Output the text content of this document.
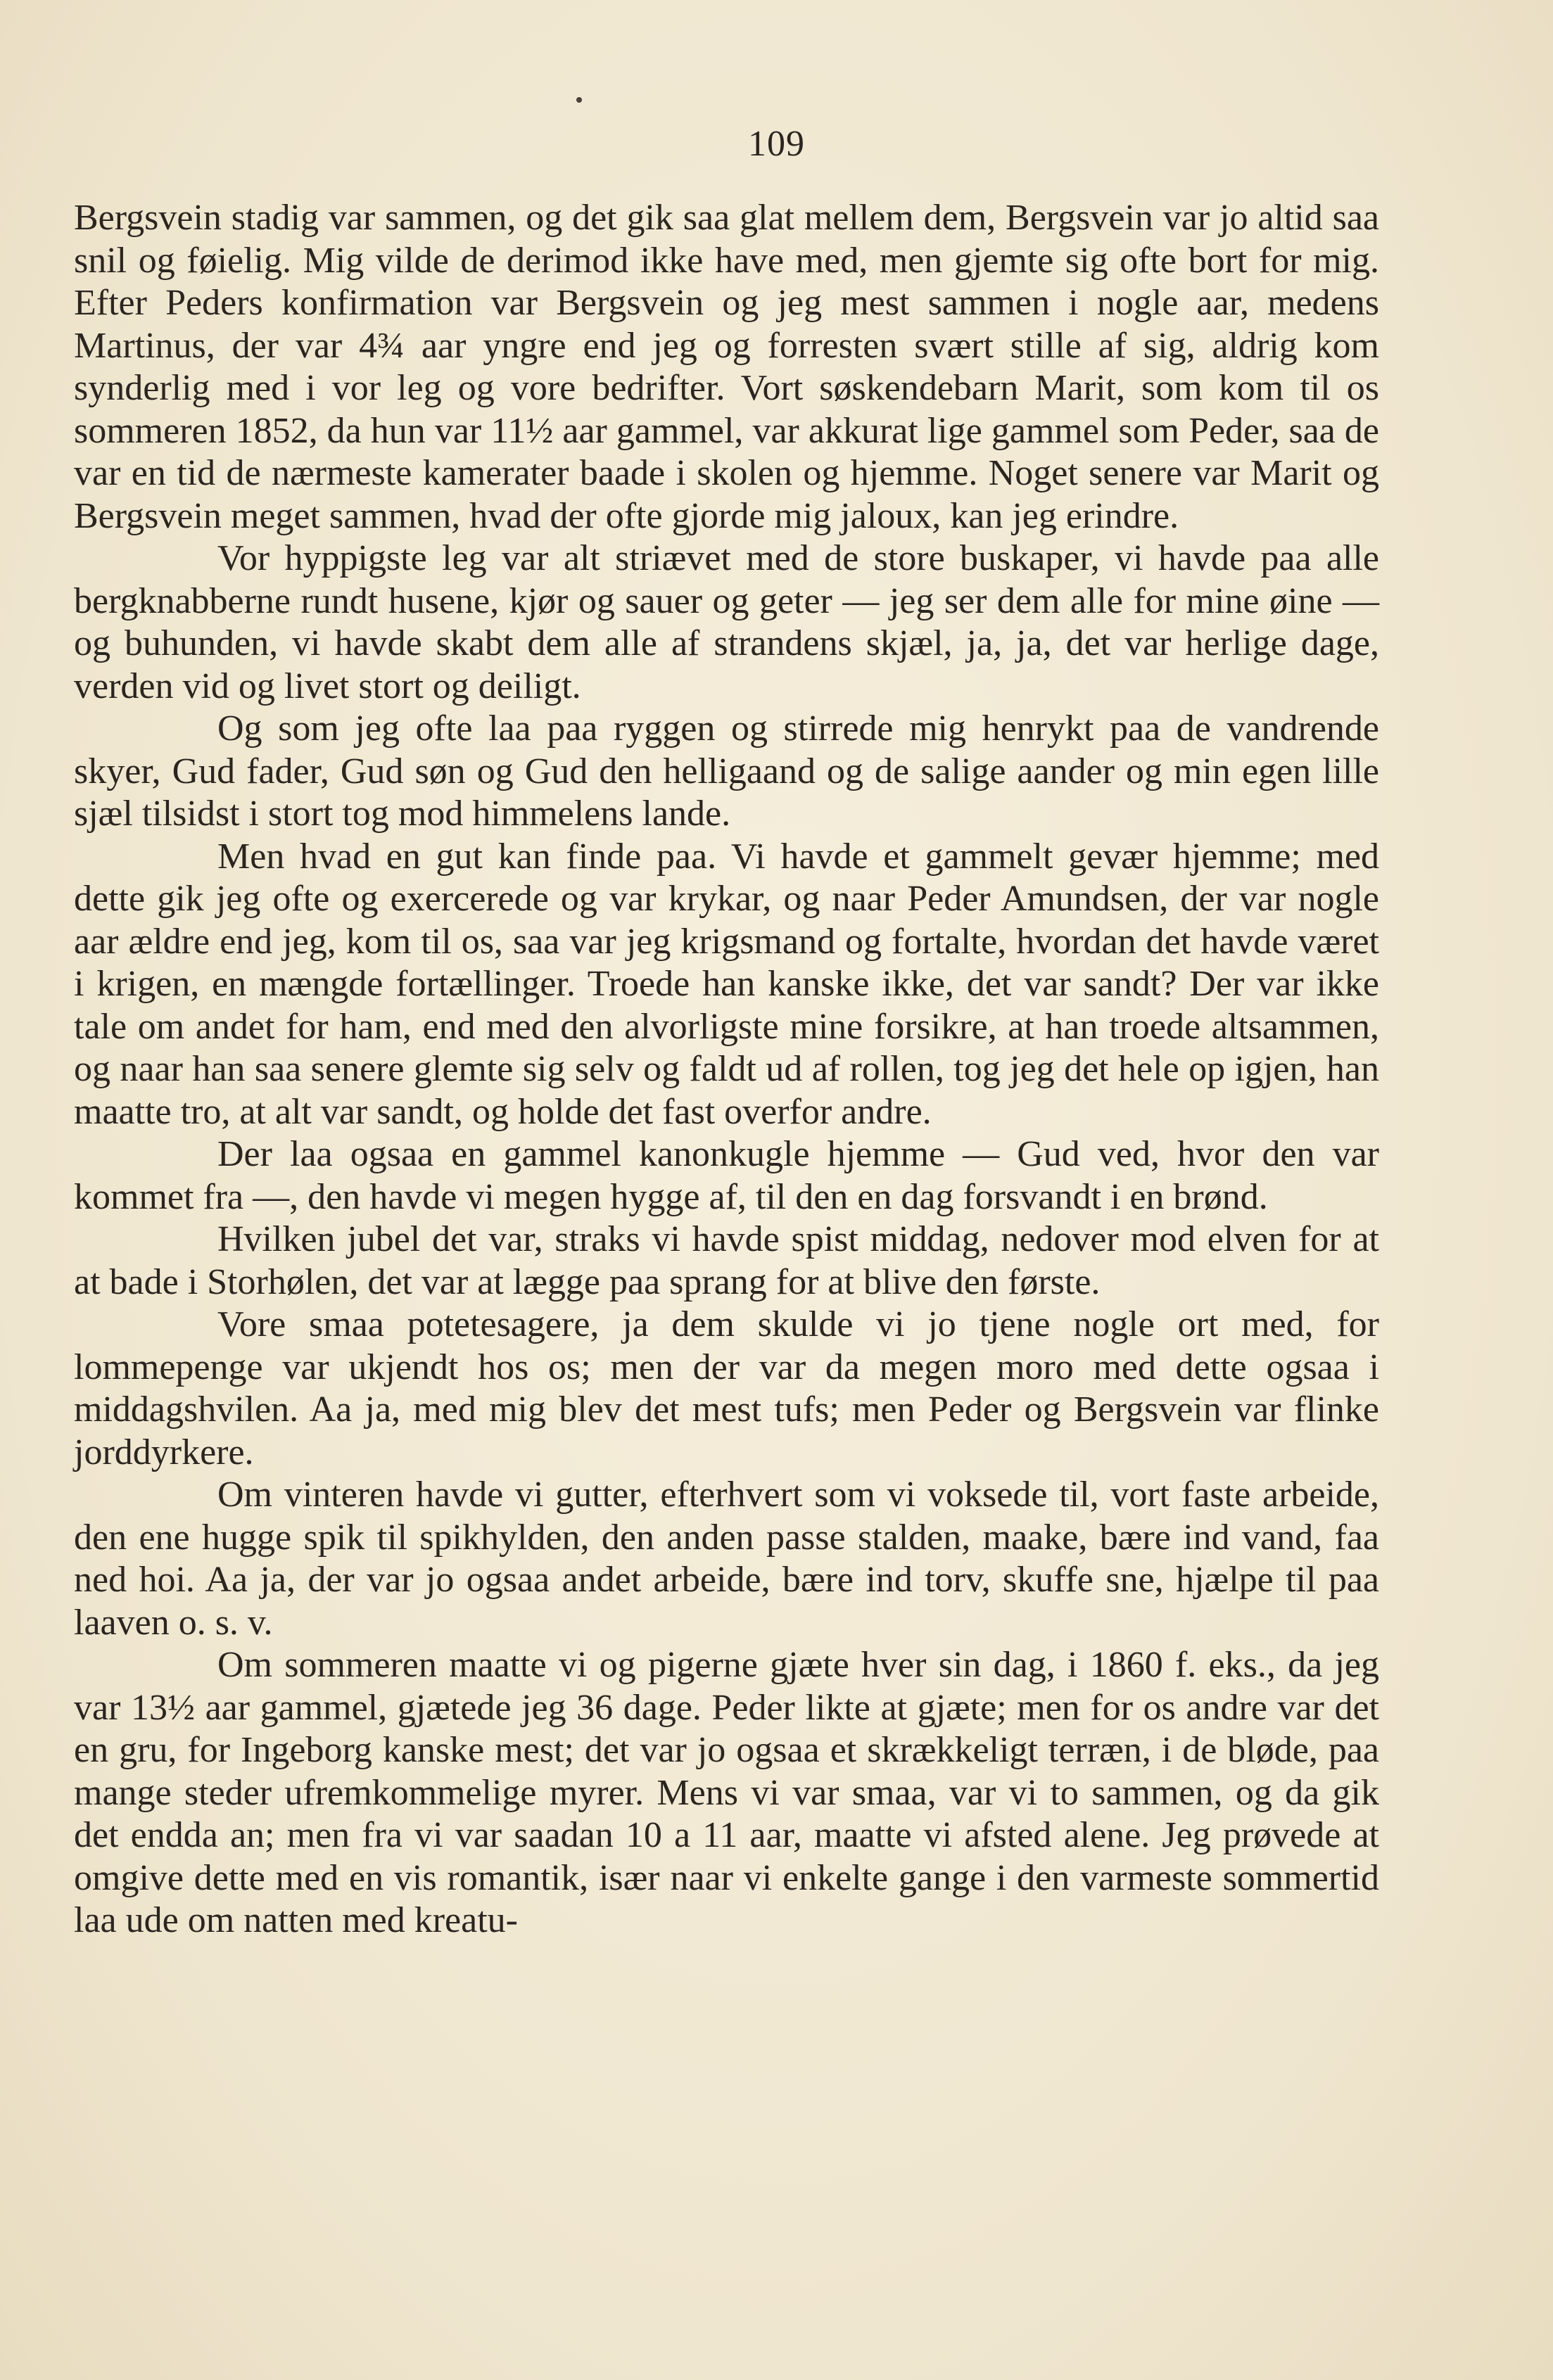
109

Bergsvein stadig var sammen, og det gik saa glat mellem dem, Bergsvein var jo altid saa snil og føielig. Mig vilde de derimod ikke have med, men gjemte sig ofte bort for mig. Efter Peders konfirmation var Bergsvein og jeg mest sammen i nogle aar, medens Martinus, der var 4¾ aar yngre end jeg og forresten svært stille af sig, aldrig kom synderlig med i vor leg og vore bedrifter. Vort søskendebarn Marit, som kom til os sommeren 1852, da hun var 11½ aar gammel, var akkurat lige gammel som Peder, saa de var en tid de nærmeste kamerater baade i skolen og hjemme. Noget senere var Marit og Bergsvein meget sammen, hvad der ofte gjorde mig jaloux, kan jeg erindre.

Vor hyppigste leg var alt striævet med de store buskaper, vi havde paa alle bergknabberne rundt husene, kjør og sauer og geter — jeg ser dem alle for mine øine — og buhunden, vi havde skabt dem alle af strandens skjæl, ja, ja, det var herlige dage, verden vid og livet stort og deiligt.

Og som jeg ofte laa paa ryggen og stirrede mig henrykt paa de vandrende skyer, Gud fader, Gud søn og Gud den helligaand og de salige aander og min egen lille sjæl tilsidst i stort tog mod himmelens lande.

Men hvad en gut kan finde paa. Vi havde et gammelt gevær hjemme; med dette gik jeg ofte og exercerede og var krykar, og naar Peder Amundsen, der var nogle aar ældre end jeg, kom til os, saa var jeg krigsmand og fortalte, hvordan det havde været i krigen, en mængde fortællinger. Troede han kanske ikke, det var sandt? Der var ikke tale om andet for ham, end med den alvorligste mine forsikre, at han troede altsammen, og naar han saa senere glemte sig selv og faldt ud af rollen, tog jeg det hele op igjen, han maatte tro, at alt var sandt, og holde det fast overfor andre.

Der laa ogsaa en gammel kanonkugle hjemme — Gud ved, hvor den var kommet fra —, den havde vi megen hygge af, til den en dag forsvandt i en brønd.

Hvilken jubel det var, straks vi havde spist middag, nedover mod elven for at at bade i Storhølen, det var at lægge paa sprang for at blive den første.

Vore smaa potetesagere, ja dem skulde vi jo tjene nogle ort med, for lommepenge var ukjendt hos os; men der var da megen moro med dette ogsaa i middagshvilen. Aa ja, med mig blev det mest tufs; men Peder og Bergsvein var flinke jorddyrkere.

Om vinteren havde vi gutter, efterhvert som vi voksede til, vort faste arbeide, den ene hugge spik til spikhylden, den anden passe stalden, maake, bære ind vand, faa ned hoi. Aa ja, der var jo ogsaa andet arbeide, bære ind torv, skuffe sne, hjælpe til paa laaven o. s. v.

Om sommeren maatte vi og pigerne gjæte hver sin dag, i 1860 f. eks., da jeg var 13½ aar gammel, gjætede jeg 36 dage. Peder likte at gjæte; men for os andre var det en gru, for Ingeborg kanske mest; det var jo ogsaa et skrækkeligt terræn, i de bløde, paa mange steder ufremkommelige myrer. Mens vi var smaa, var vi to sammen, og da gik det endda an; men fra vi var saadan 10 a 11 aar, maatte vi afsted alene. Jeg prøvede at omgive dette med en vis romantik, især naar vi enkelte gange i den varmeste sommertid laa ude om natten med kreatu-
